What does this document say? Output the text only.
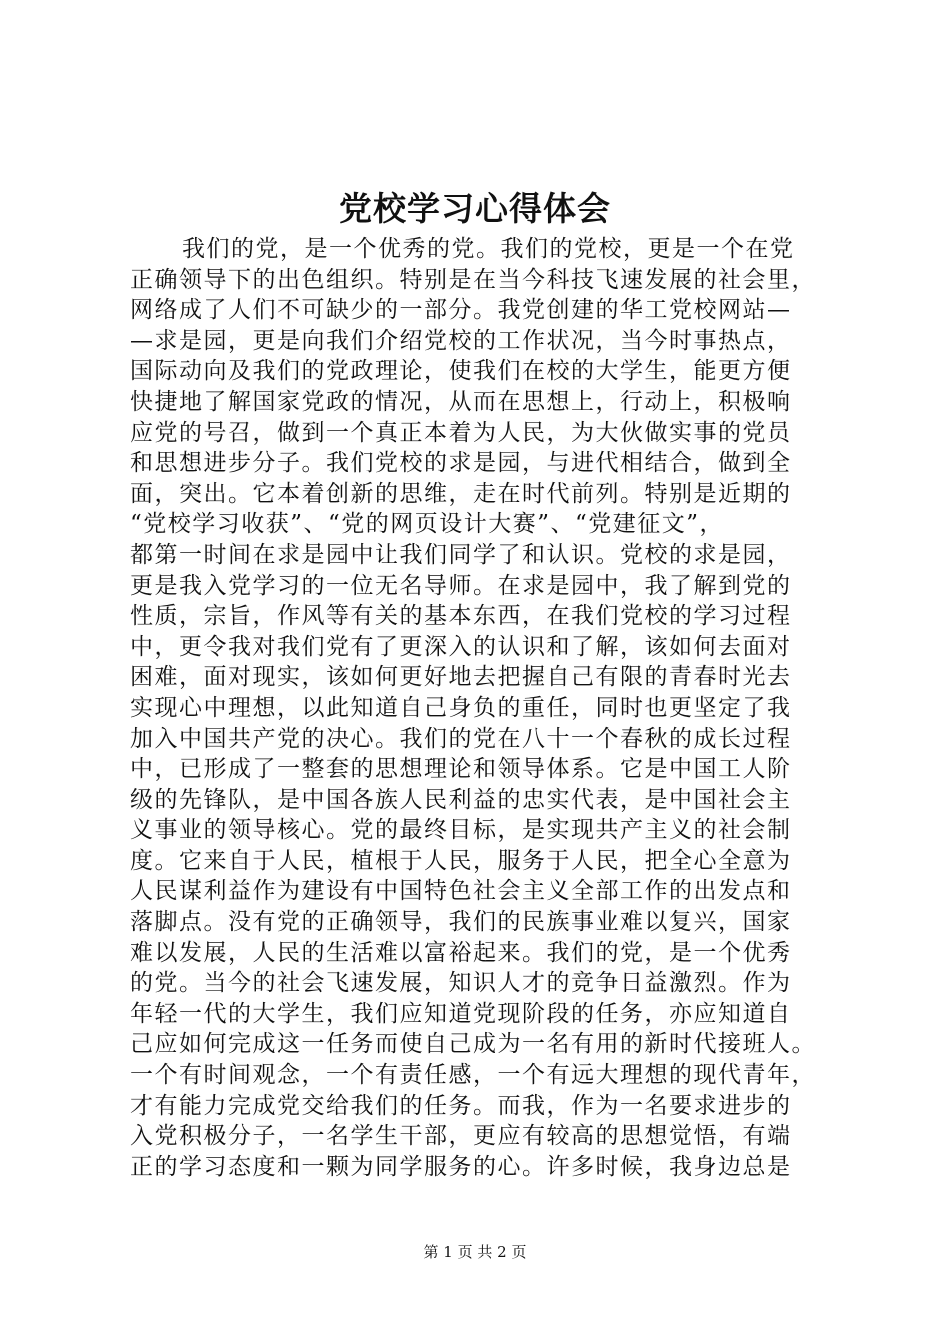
党校学习心得体会
我们的党，是一个优秀的党。我们的党校，更是一个在党
正确领导下的出色组织。特别是在当今科技飞速发展的社会里，
网络成了人们不可缺少的一部分。我党创建的华工党校网站—
—求是园，更是向我们介绍党校的工作状况，当今时事热点，
国际动向及我们的党政理论，使我们在校的大学生，能更方便
快捷地了解国家党政的情况，从而在思想上，行动上，积极响
应党的号召，做到一个真正本着为人民，为大伙做实事的党员
和思想进步分子。我们党校的求是园，与进代相结合，做到全
面，突出。它本着创新的思维，走在时代前列。特别是近期的
“党校学习收获”、“党的网页设计大赛”、“党建征文”，
都第一时间在求是园中让我们同学了和认识。党校的求是园，
更是我入党学习的一位无名导师。在求是园中，我了解到党的
性质，宗旨，作风等有关的基本东西，在我们党校的学习过程
中，更令我对我们党有了更深入的认识和了解，该如何去面对
困难，面对现实，该如何更好地去把握自己有限的青春时光去
实现心中理想，以此知道自己身负的重任，同时也更坚定了我
加入中国共产党的决心。我们的党在八十一个春秋的成长过程
中，已形成了一整套的思想理论和领导体系。它是中国工人阶
级的先锋队，是中国各族人民利益的忠实代表，是中国社会主
义事业的领导核心。党的最终目标，是实现共产主义的社会制
度。它来自于人民，植根于人民，服务于人民，把全心全意为
人民谋利益作为建设有中国特色社会主义全部工作的出发点和
落脚点。没有党的正确领导，我们的民族事业难以复兴，国家
难以发展，人民的生活难以富裕起来。我们的党，是一个优秀
的党。当今的社会飞速发展，知识人才的竞争日益激烈。作为
年轻一代的大学生，我们应知道党现阶段的任务，亦应知道自
己应如何完成这一任务而使自己成为一名有用的新时代接班人。
一个有时间观念，一个有责任感，一个有远大理想的现代青年，
才有能力完成党交给我们的任务。而我，作为一名要求进步的
入党积极分子，一名学生干部，更应有较高的思想觉悟，有端
正的学习态度和一颗为同学服务的心。许多时候，我身边总是
第 1 页 共 2 页
